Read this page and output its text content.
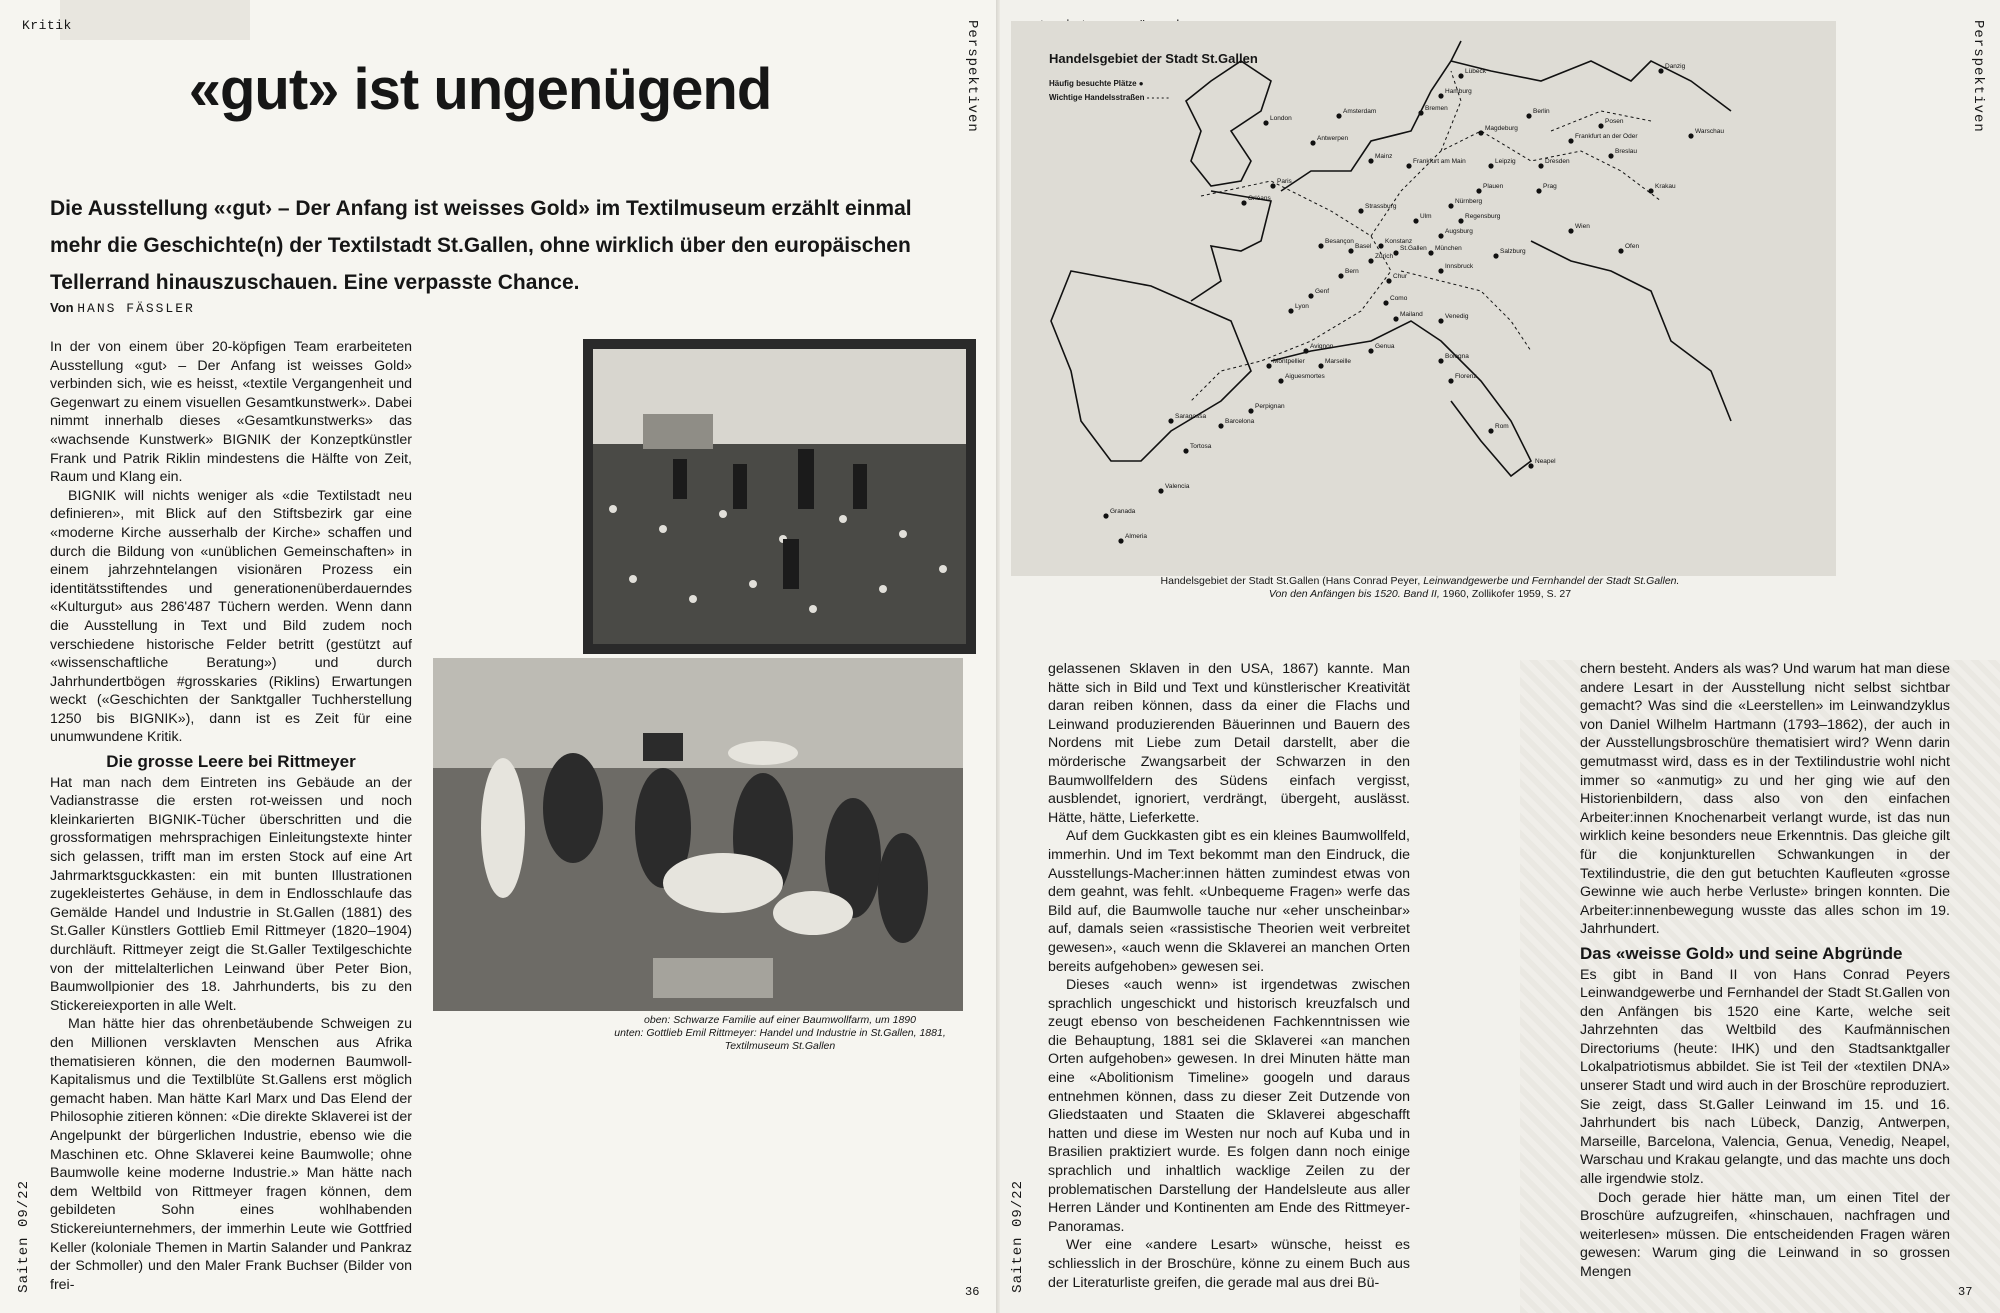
Kritik	Perspektiven
«gut» ist ungenügend

Die Ausstellung «‹gut› – Der Anfang ist weisses Gold» im Textilmuseum erzählt einmal mehr die Geschichte(n) der Textilstadt St.Gallen, ohne wirklich über den europäischen Tellerrand hinauszuschauen. Eine verpasste Chance.

Von HANS FÄSSLER

In der von einem über 20-köpfigen Team erarbeiteten Ausstellung «gut› – Der Anfang ist weisses Gold» verbinden sich, wie es heisst, «textile Vergangenheit und Gegenwart zu einem visuellen Gesamtkunstwerk». Dabei nimmt innerhalb dieses «Gesamtkunstwerks» das «wachsende Kunstwerk» BIGNIK der Konzeptkünstler Frank und Patrik Riklin mindestens die Hälfte von Zeit, Raum und Klang ein.

BIGNIK will nichts weniger als «die Textilstadt neu definieren», mit Blick auf den Stiftsbezirk gar eine «moderne Kirche ausserhalb der Kirche» schaffen und durch die Bildung von «unüblichen Gemeinschaften» in einem jahrzehntelangen visionären Prozess ein identitätsstiftendes und generationenüberdauerndes «Kulturgut» aus 286'487 Tüchern werden. Wenn dann die Ausstellung in Text und Bild zudem noch verschiedene historische Felder betritt (gestützt auf «wissenschaftliche Beratung») und durch Jahrhundertbögen #grosskaries (Riklins) Erwartungen weckt («Geschichten der Sanktgaller Tuchherstellung 1250 bis BIGNIK»), dann ist es Zeit für eine unumwundene Kritik.

Die grosse Leere bei Rittmeyer

Hat man nach dem Eintreten ins Gebäude an der Vadianstrasse die ersten rot-weissen und noch kleinkarierten BIGNIK-Tücher überschritten und die grossformatigen mehrsprachigen Einleitungstexte hinter sich gelassen, trifft man im ersten Stock auf eine Art Jahrmarktsguckkasten: ein mit bunten Illustrationen zugekleistertes Gehäuse, in dem in Endlosschlaufe das Gemälde Handel und Industrie in St.Gallen (1881) des St.Galler Künstlers Gottlieb Emil Rittmeyer (1820–1904) durchläuft. Rittmeyer zeigt die St.Galler Textilgeschichte von der mittelalterlichen Leinwand über Peter Bion, Baumwollpionier des 18. Jahrhunderts, bis zu den Stickereiexporten in alle Welt.

Man hätte hier das ohrenbetäubende Schweigen zu den Millionen versklavten Menschen aus Afrika thematisieren können, die den modernen Baumwoll-Kapitalismus und die Textilblüte St.Gallens erst möglich gemacht haben. Man hätte Karl Marx und Das Elend der Philosophie zitieren können: «Die direkte Sklaverei ist der Angelpunkt der bürgerlichen Industrie, ebenso wie die Maschinen etc. Ohne Sklaverei keine Baumwolle; ohne Baumwolle keine moderne Industrie.» Man hätte nach dem Weltbild von Rittmeyer fragen können, dem gebildeten Sohn eines wohlhabenden Stickereiunternehmers, der immerhin Leute wie Gottfried Keller (koloniale Themen in Martin Salander und Pankraz der Schmoller) und den Maler Frank Buchser (Bilder von frei-

oben: Schwarze Familie auf einer Baumwollfarm, um 1890
unten: Gottlieb Emil Rittmeyer: Handel und Industrie in St.Gallen, 1881,
Textilmuseum St.Gallen
Saiten 09/22	36
Perspektiven
Saiten 09/22	37
Handelsgebiet der Stadt St.Gallen
Häufig besuchte Plätze ●
Wichtige Handelsstraßen - - - - -
London
Amsterdam
Antwerpen
Paris
Orléans
Lübeck
Hamburg
Bremen
Magdeburg
Leipzig	Dresden
Berlin
Posen
Frankfurt an der Oder
Breslau
Danzig
Warschau
Krakau
Prag
Plauen
Nürnberg
Frankfurt am Main
Mainz
Strassburg
Ulm	Regensburg
Augsburg
München	Salzburg
Wien
Ofen
Innsbruck
Basel
Konstanz
Zürich
St.Gallen
Chur
Bern
Genf
Besançon
Lyon
Como
Mailand	Venedig
Genua
Bologna
Florenz
Rom
Neapel
Marseille
Avignon
Montpellier
Aiguesmortes
Perpignan
Barcelona
Tortosa
Saragossa
Valencia
Granada
Almeria
Handelsgebiet der Stadt St.Gallen (Hans Conrad Peyer, Leinwandgewerbe und Fernhandel der Stadt St.Gallen.
Von den Anfängen bis 1520. Band II, 1960, Zollikofer 1959, S. 27

gelassenen Sklaven in den USA, 1867) kannte. Man hätte sich in Bild und Text und künstlerischer Kreativität daran reiben können, dass da einer die Flachs und Leinwand produzierenden Bäuerinnen und Bauern des Nordens mit Liebe zum Detail darstellt, aber die mörderische Zwangsarbeit der Schwarzen in den Baumwollfeldern des Südens einfach vergisst, ausblendet, ignoriert, verdrängt, übergeht, auslässt. Hätte, hätte, Lieferkette.

Auf dem Guckkasten gibt es ein kleines Baumwollfeld, immerhin. Und im Text bekommt man den Eindruck, die Ausstellungs-Macher:innen hätten zumindest etwas von dem geahnt, was fehlt. «Unbequeme Fragen» werfe das Bild auf, die Baumwolle tauche nur «eher unscheinbar» auf, damals seien «rassistische Theorien weit verbreitet gewesen», «auch wenn die Sklaverei an manchen Orten bereits aufgehoben» gewesen sei.

Dieses «auch wenn» ist irgendetwas zwischen sprachlich ungeschickt und historisch kreuzfalsch und zeugt ebenso von bescheidenen Fachkenntnissen wie die Behauptung, 1881 sei die Sklaverei «an manchen Orten aufgehoben» gewesen. In drei Minuten hätte man eine «Abolitionism Timeline» googeln und daraus entnehmen können, dass zu dieser Zeit Dutzende von Gliedstaaten und Staaten die Sklaverei abgeschafft hatten und diese im Westen nur noch auf Kuba und in Brasilien praktiziert wurde. Es folgen dann noch einige sprachlich und inhaltlich wacklige Zeilen zu der problematischen Darstellung der Handelsleute aus aller Herren Länder und Kontinenten am Ende des Rittmeyer-Panoramas.

Wer eine «andere Lesart» wünsche, heisst es schliesslich in der Broschüre, könne zu einem Buch aus der Literaturliste greifen, die gerade mal aus drei Bü-

chern besteht. Anders als was? Und warum hat man diese andere Lesart in der Ausstellung nicht selbst sichtbar gemacht? Was sind die «Leerstellen» im Leinwandzyklus von Daniel Wilhelm Hartmann (1793–1862), der auch in der Ausstellungsbroschüre thematisiert wird? Wenn darin gemutmasst wird, dass es in der Textilindustrie wohl nicht immer so «anmutig» zu und her ging wie auf den Historienbildern, dass also von den einfachen Arbeiter:innen Knochenarbeit verlangt wurde, ist das nun wirklich keine besonders neue Erkenntnis. Das gleiche gilt für die konjunkturellen Schwankungen in der Textilindustrie, die den gut betuchten Kaufleuten «grosse Gewinne wie auch herbe Verluste» bringen konnten. Die Arbeiter:innenbewegung wusste das alles schon im 19. Jahrhundert.

Das «weisse Gold» und seine Abgründe

Es gibt in Band II von Hans Conrad Peyers Leinwandgewerbe und Fernhandel der Stadt St.Gallen von den Anfängen bis 1520 eine Karte, welche seit Jahrzehnten das Weltbild des Kaufmännischen Directoriums (heute: IHK) und den Stadtsanktgaller Lokalpatriotismus abbildet. Sie ist Teil der «textilen DNA» unserer Stadt und wird auch in der Broschüre reproduziert. Sie zeigt, dass St.Galler Leinwand im 15. und 16. Jahrhundert bis nach Lübeck, Danzig, Antwerpen, Marseille, Barcelona, Valencia, Genua, Venedig, Neapel, Warschau und Krakau gelangte, und das machte uns doch alle irgendwie stolz.

Doch gerade hier hätte man, um einen Titel der Broschüre aufzugreifen, «hinschauen, nachfragen und weiterlesen» müssen. Die entscheidenden Fragen wären gewesen: Warum ging die Leinwand in so grossen Mengen
